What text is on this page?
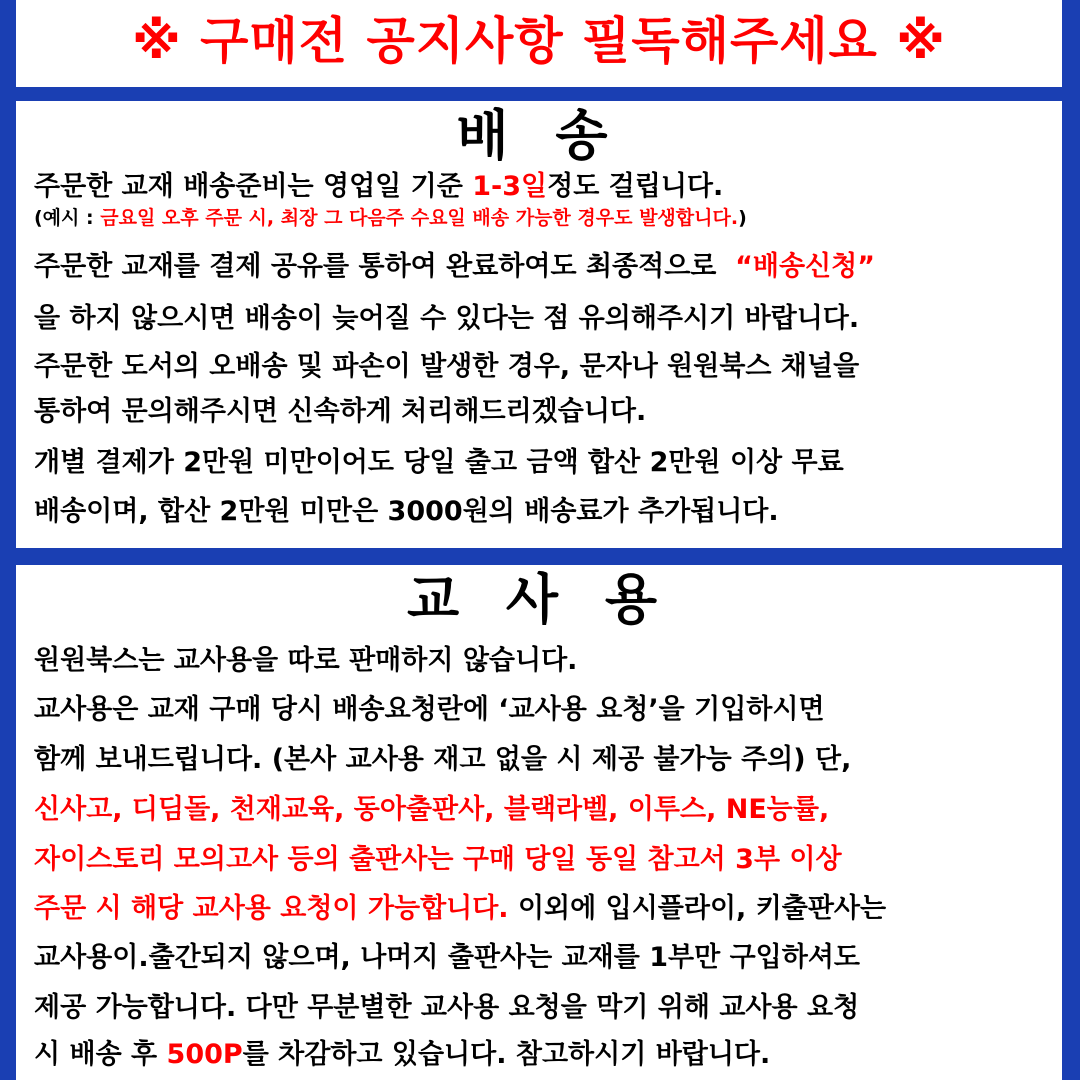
※ 구매전 공지사항 필독해주세요 ※
배 송
주문한 교재 배송준비는 영업일 기준 1-3일정도 걸립니다.
(예시 : 금요일 오후 주문 시, 최장 그 다음주 수요일 배송 가능한 경우도 발생합니다.)
주문한 교재를 결제 공유를 통하여 완료하여도 최종적으로  “배송신청”
을 하지 않으시면 배송이 늦어질 수 있다는 점 유의해주시기 바랍니다.
주문한 도서의 오배송 및 파손이 발생한 경우, 문자나 원원북스 채널을
통하여 문의해주시면 신속하게 처리해드리겠습니다.
개별 결제가 2만원 미만이어도 당일 출고 금액 합산 2만원 이상 무료
배송이며, 합산 2만원 미만은 3000원의 배송료가 추가됩니다.
교 사 용
원원북스는 교사용을 따로 판매하지 않습니다.
교사용은 교재 구매 당시 배송요청란에 ‘교사용 요청’을 기입하시면
함께 보내드립니다. (본사 교사용 재고 없을 시 제공 불가능 주의) 단,
신사고, 디딤돌, 천재교육, 동아출판사, 블랙라벨, 이투스, NE능률,
자이스토리 모의고사 등의 출판사는 구매 당일 동일 참고서 3부 이상
주문 시 해당 교사용 요청이 가능합니다. 이외에 입시플라이, 키출판사는
교사용이.출간되지 않으며, 나머지 출판사는 교재를 1부만 구입하셔도
제공 가능합니다. 다만 무분별한 교사용 요청을 막기 위해 교사용 요청
시 배송 후 500P를 차감하고 있습니다. 참고하시기 바랍니다.
